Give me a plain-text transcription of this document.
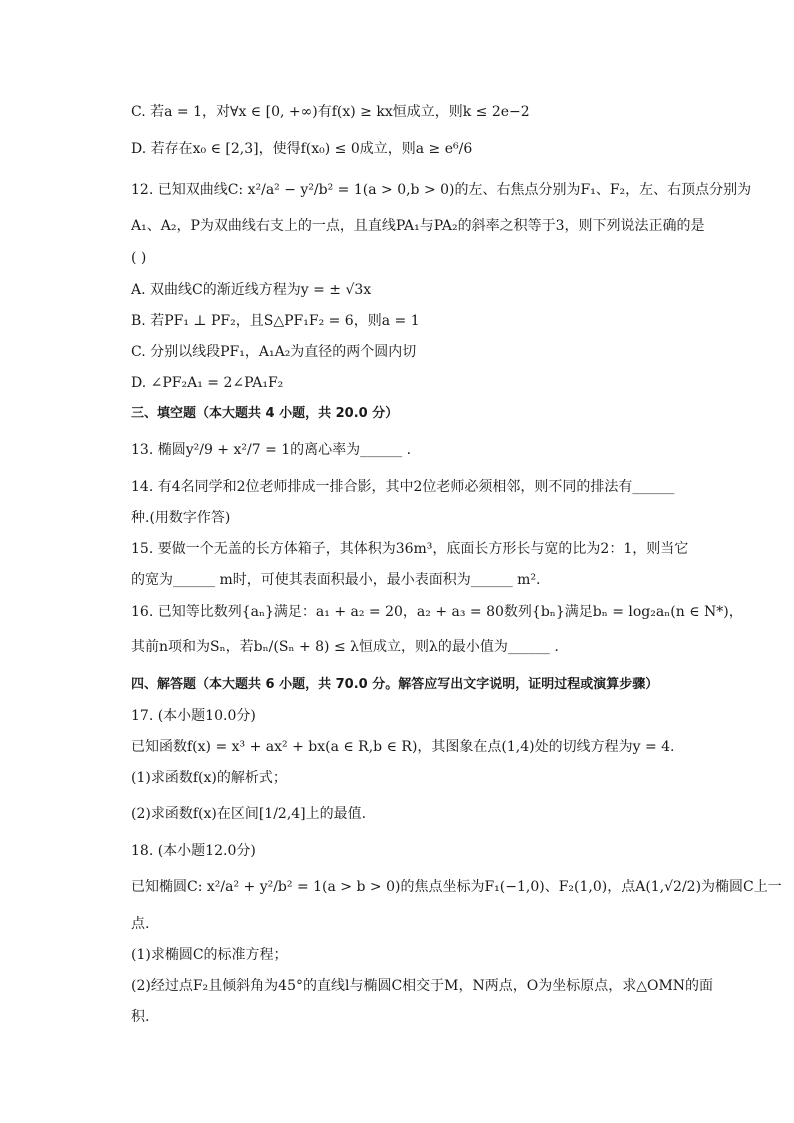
C. 若a = 1，对∀x ∈ [0, +∞)有f(x) ≥ kx恒成立，则k ≤ 2e−2
D. 若存在x₀ ∈ [2,3]，使得f(x₀) ≤ 0成立，则a ≥ e⁶/6
12. 已知双曲线C: x²/a² − y²/b² = 1(a > 0,b > 0)的左、右焦点分别为F₁、F₂，左、右顶点分别为
A₁、A₂，P为双曲线右支上的一点，且直线PA₁与PA₂的斜率之积等于3，则下列说法正确的是
( )
A. 双曲线C的渐近线方程为y = ± √3x
B. 若PF₁ ⊥ PF₂，且S△PF₁F₂ = 6，则a = 1
C. 分别以线段PF₁，A₁A₂为直径的两个圆内切
D. ∠PF₂A₁ = 2∠PA₁F₂
三、填空题（本大题共 4 小题，共 20.0 分）
13. 椭圆y²/9 + x²/7 = 1的离心率为______ .
14. 有4名同学和2位老师排成一排合影，其中2位老师必须相邻，则不同的排法有______
种.(用数字作答)
15. 要做一个无盖的长方体箱子，其体积为36m³，底面长方形长与宽的比为2：1，则当它
的宽为______ m时，可使其表面积最小，最小表面积为______ m².
16. 已知等比数列{aₙ}满足：a₁ + a₂ = 20，a₂ + a₃ = 80数列{bₙ}满足bₙ = log₂aₙ(n ∈ N*)，
其前n项和为Sₙ，若bₙ/(Sₙ + 8) ≤ λ恒成立，则λ的最小值为______ .
四、解答题（本大题共 6 小题，共 70.0 分。解答应写出文字说明，证明过程或演算步骤）
17. (本小题10.0分)
已知函数f(x) = x³ + ax² + bx(a ∈ R,b ∈ R)，其图象在点(1,4)处的切线方程为y = 4.
(1)求函数f(x)的解析式；
(2)求函数f(x)在区间[1/2,4]上的最值.
18. (本小题12.0分)
已知椭圆C: x²/a² + y²/b² = 1(a > b > 0)的焦点坐标为F₁(−1,0)、F₂(1,0)，点A(1,√2/2)为椭圆C上一
点.
(1)求椭圆C的标准方程；
(2)经过点F₂且倾斜角为45°的直线l与椭圆C相交于M，N两点，O为坐标原点，求△OMN的面
积.
